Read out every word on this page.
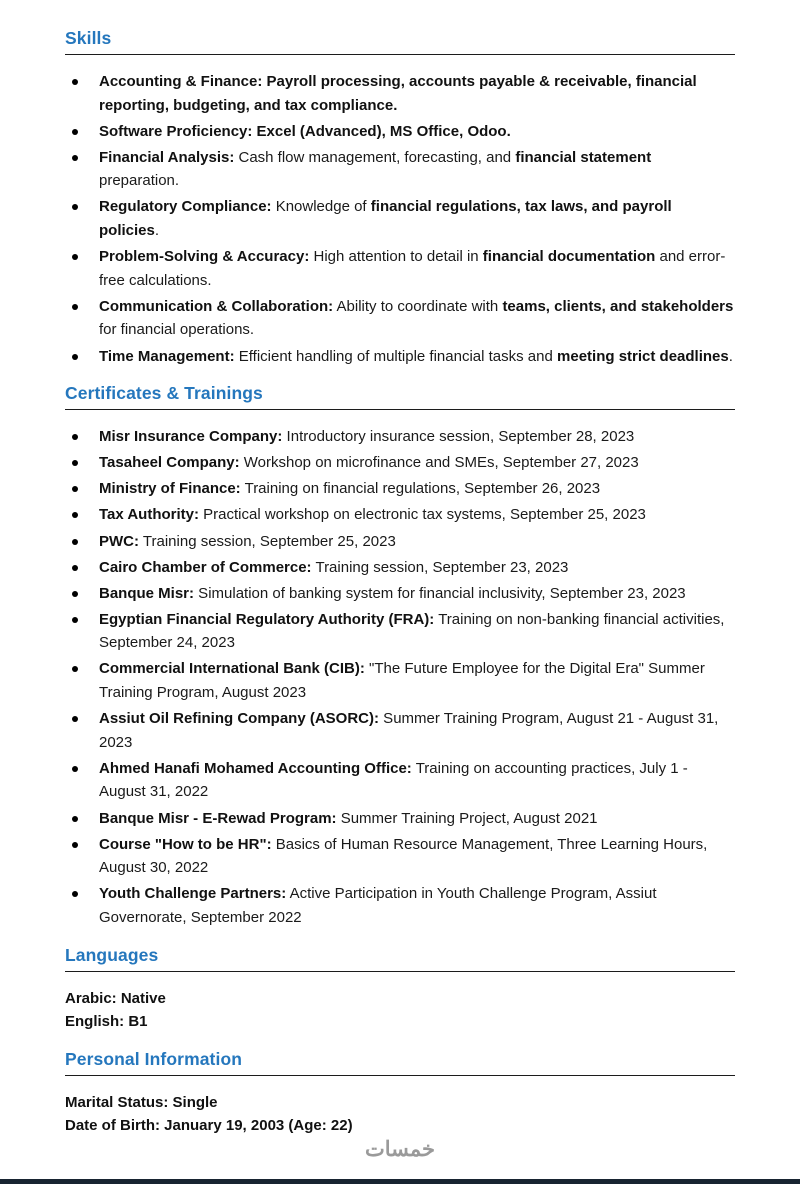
Skills
Accounting & Finance: Payroll processing, accounts payable & receivable, financial reporting, budgeting, and tax compliance.
Software Proficiency: Excel (Advanced), MS Office, Odoo.
Financial Analysis: Cash flow management, forecasting, and financial statement preparation.
Regulatory Compliance: Knowledge of financial regulations, tax laws, and payroll policies.
Problem-Solving & Accuracy: High attention to detail in financial documentation and error-free calculations.
Communication & Collaboration: Ability to coordinate with teams, clients, and stakeholders for financial operations.
Time Management: Efficient handling of multiple financial tasks and meeting strict deadlines.
Certificates & Trainings
Misr Insurance Company: Introductory insurance session, September 28, 2023
Tasaheel Company: Workshop on microfinance and SMEs, September 27, 2023
Ministry of Finance: Training on financial regulations, September 26, 2023
Tax Authority: Practical workshop on electronic tax systems, September 25, 2023
PWC: Training session, September 25, 2023
Cairo Chamber of Commerce: Training session, September 23, 2023
Banque Misr: Simulation of banking system for financial inclusivity, September 23, 2023
Egyptian Financial Regulatory Authority (FRA): Training on non-banking financial activities, September 24, 2023
Commercial International Bank (CIB): "The Future Employee for the Digital Era" Summer Training Program, August 2023
Assiut Oil Refining Company (ASORC): Summer Training Program, August 21 - August 31, 2023
Ahmed Hanafi Mohamed Accounting Office: Training on accounting practices, July 1 - August 31, 2022
Banque Misr - E-Rewad Program: Summer Training Project, August 2021
Course "How to be HR": Basics of Human Resource Management, Three Learning Hours, August 30, 2022
Youth Challenge Partners: Active Participation in Youth Challenge Program, Assiut Governorate, September 2022
Languages

Arabic: Native

English: B1

Personal Information

Marital Status: Single

Date of Birth: January 19, 2003 (Age: 22)

خمسات
